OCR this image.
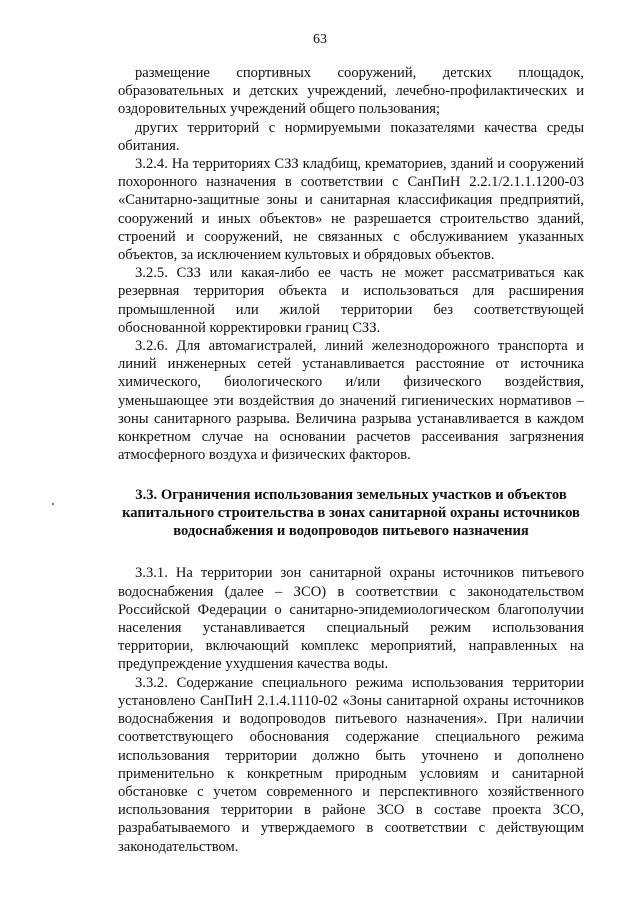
63

размещение спортивных сооружений, детских площадок, образовательных и детских учреждений, лечебно-профилактических и оздоровительных учреждений общего пользования;

других территорий с нормируемыми показателями качества среды обитания.

3.2.4. На территориях СЗЗ кладбищ, крематориев, зданий и сооружений похоронного назначения в соответствии с СанПиН 2.2.1/2.1.1.1200-03 «Санитарно-защитные зоны и санитарная классификация предприятий, сооружений и иных объектов» не разрешается строительство зданий, строений и сооружений, не связанных с обслуживанием указанных объектов, за исключением культовых и обрядовых объектов.

3.2.5. СЗЗ или какая-либо ее часть не может рассматриваться как резервная территория объекта и использоваться для расширения промышленной или жилой территории без соответствующей обоснованной корректировки границ СЗЗ.

3.2.6. Для автомагистралей, линий железнодорожного транспорта и линий инженерных сетей устанавливается расстояние от источника химического, биологического и/или физического воздействия, уменьшающее эти воздействия до значений гигиенических нормативов – зоны санитарного разрыва. Величина разрыва устанавливается в каждом конкретном случае на основании расчетов рассеивания загрязнения атмосферного воздуха и физических факторов.

3.3. Ограничения использования земельных участков и объектов
капитального строительства в зонах санитарной охраны источников
водоснабжения и водопроводов питьевого назначения

3.3.1. На территории зон санитарной охраны источников питьевого водоснабжения (далее – ЗСО) в соответствии с законодательством Российской Федерации о санитарно-эпидемиологическом благополучии населения устанавливается специальный режим использования территории, включающий комплекс мероприятий, направленных на предупреждение ухудшения качества воды.

3.3.2. Содержание специального режима использования территории установлено СанПиН 2.1.4.1110-02 «Зоны санитарной охраны источников водоснабжения и водопроводов питьевого назначения». При наличии соответствующего обоснования содержание специального режима использования территории должно быть уточнено и дополнено применительно к конкретным природным условиям и санитарной обстановке с учетом современного и перспективного хозяйственного использования территории в районе ЗСО в составе проекта ЗСО, разрабатываемого и утверждаемого в соответствии с действующим законодательством.
